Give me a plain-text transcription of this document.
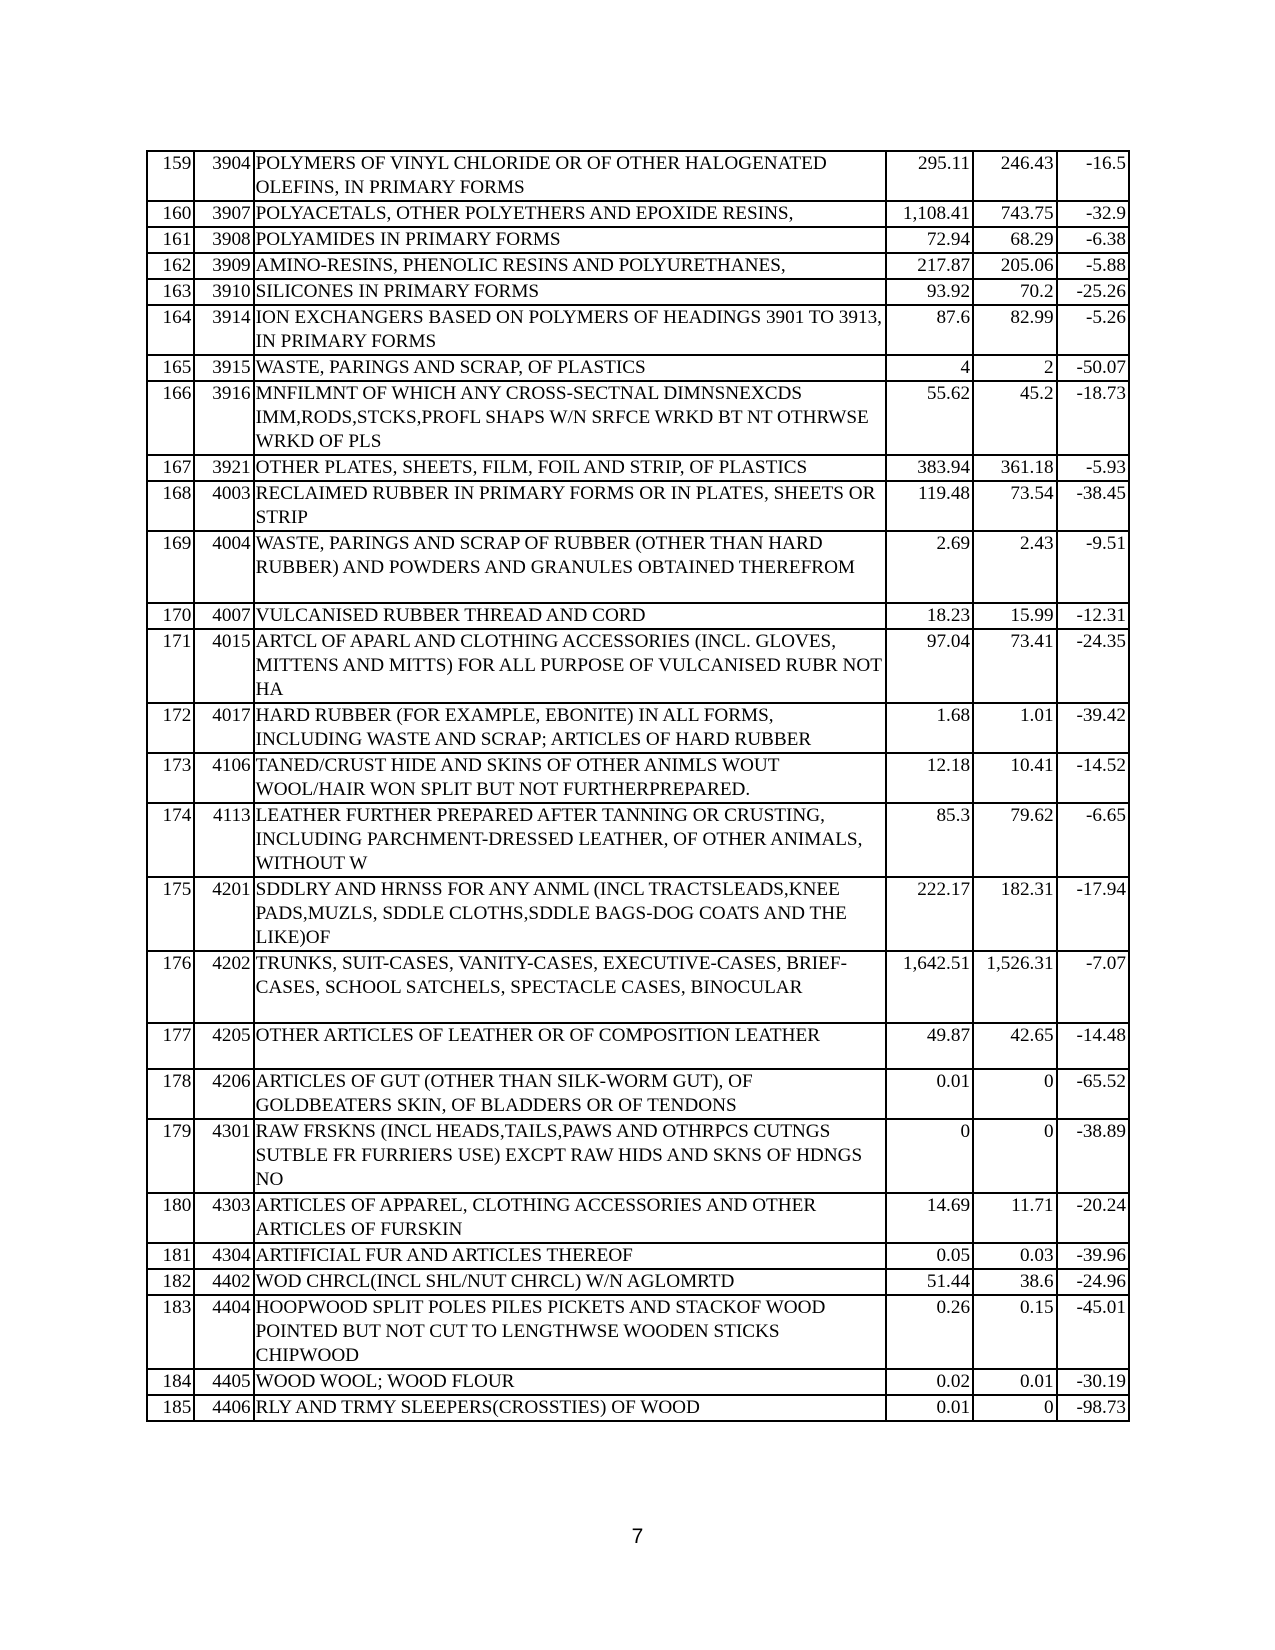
159	3904	POLYMERS OF VINYL CHLORIDE OR OF OTHER HALOGENATED OLEFINS, IN PRIMARY FORMS	295.11	246.43	-16.5
160	3907	POLYACETALS, OTHER POLYETHERS AND EPOXIDE RESINS,	1,108.41	743.75	-32.9
161	3908	POLYAMIDES IN PRIMARY FORMS	72.94	68.29	-6.38
162	3909	AMINO-RESINS, PHENOLIC RESINS AND POLYURETHANES,	217.87	205.06	-5.88
163	3910	SILICONES IN PRIMARY FORMS	93.92	70.2	-25.26
164	3914	ION EXCHANGERS BASED ON POLYMERS OF HEADINGS 3901 TO 3913, IN PRIMARY FORMS	87.6	82.99	-5.26
165	3915	WASTE, PARINGS AND SCRAP, OF PLASTICS	4	2	-50.07
166	3916	MNFILMNT OF WHICH ANY CROSS-SECTNAL DIMNSNEXCDS IMM,RODS,STCKS,PROFL SHAPS W/N SRFCE WRKD BT NT OTHRWSE WRKD OF PLS	55.62	45.2	-18.73
167	3921	OTHER PLATES, SHEETS, FILM, FOIL AND STRIP, OF PLASTICS	383.94	361.18	-5.93
168	4003	RECLAIMED RUBBER IN PRIMARY FORMS OR IN PLATES, SHEETS OR STRIP	119.48	73.54	-38.45
169	4004	WASTE, PARINGS AND SCRAP OF RUBBER (OTHER THAN HARD RUBBER) AND POWDERS AND GRANULES OBTAINED THEREFROM	2.69	2.43	-9.51
170	4007	VULCANISED RUBBER THREAD AND CORD	18.23	15.99	-12.31
171	4015	ARTCL OF APARL AND CLOTHING ACCESSORIES (INCL. GLOVES, MITTENS AND MITTS) FOR ALL PURPOSE OF VULCANISED RUBR NOT HA	97.04	73.41	-24.35
172	4017	HARD RUBBER (FOR EXAMPLE, EBONITE) IN ALL FORMS, INCLUDING WASTE AND SCRAP; ARTICLES OF HARD RUBBER	1.68	1.01	-39.42
173	4106	TANED/CRUST HIDE AND SKINS OF OTHER ANIMLS WOUT WOOL/HAIR WON SPLIT BUT NOT FURTHERPREPARED.	12.18	10.41	-14.52
174	4113	LEATHER FURTHER PREPARED AFTER TANNING OR CRUSTING, INCLUDING PARCHMENT-DRESSED LEATHER, OF OTHER ANIMALS, WITHOUT W	85.3	79.62	-6.65
175	4201	SDDLRY AND HRNSS FOR ANY ANML (INCL TRACTSLEADS,KNEE PADS,MUZLS, SDDLE CLOTHS,SDDLE BAGS-DOG COATS AND THE LIKE)OF	222.17	182.31	-17.94
176	4202	TRUNKS, SUIT-CASES, VANITY-CASES, EXECUTIVE-CASES, BRIEF-CASES, SCHOOL SATCHELS, SPECTACLE CASES, BINOCULAR	1,642.51	1,526.31	-7.07
177	4205	OTHER ARTICLES OF LEATHER OR OF COMPOSITION LEATHER	49.87	42.65	-14.48
178	4206	ARTICLES OF GUT (OTHER THAN SILK-WORM GUT), OF GOLDBEATERS SKIN, OF BLADDERS OR OF TENDONS	0.01	0	-65.52
179	4301	RAW FRSKNS (INCL HEADS,TAILS,PAWS AND OTHRPCS CUTNGS SUTBLE FR FURRIERS USE) EXCPT RAW HIDS AND SKNS OF HDNGS NO	0	0	-38.89
180	4303	ARTICLES OF APPAREL, CLOTHING ACCESSORIES AND OTHER ARTICLES OF FURSKIN	14.69	11.71	-20.24
181	4304	ARTIFICIAL FUR AND ARTICLES THEREOF	0.05	0.03	-39.96
182	4402	WOD CHRCL(INCL SHL/NUT CHRCL) W/N AGLOMRTD	51.44	38.6	-24.96
183	4404	HOOPWOOD SPLIT POLES PILES PICKETS AND STACKOF WOOD POINTED BUT NOT CUT TO LENGTHWSE WOODEN STICKS CHIPWOOD	0.26	0.15	-45.01
184	4405	WOOD WOOL; WOOD FLOUR	0.02	0.01	-30.19
185	4406	RLY AND TRMY SLEEPERS(CROSSTIES) OF WOOD	0.01	0	-98.73
7
